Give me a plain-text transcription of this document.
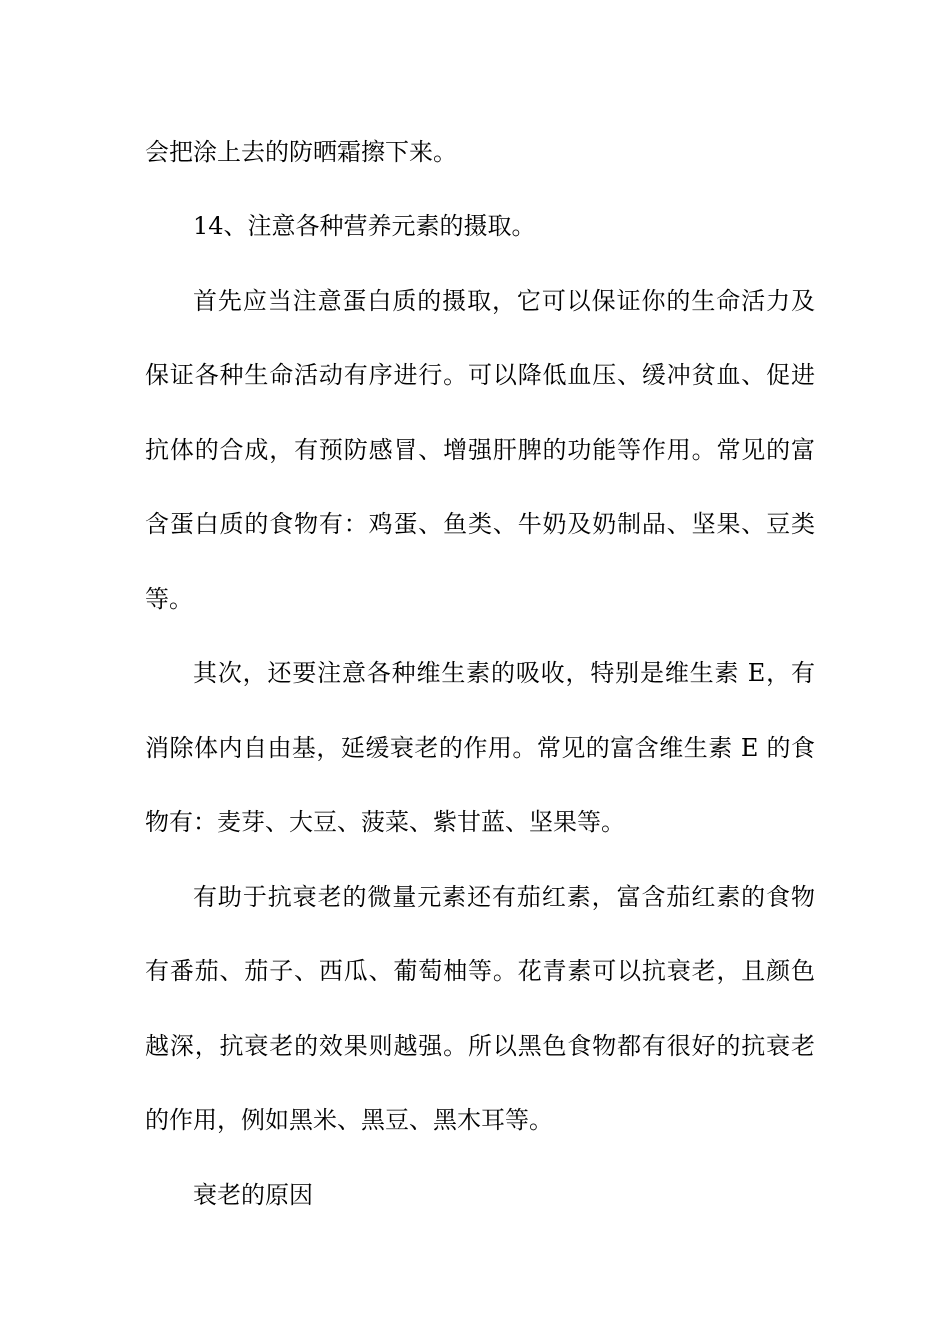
会把涂上去的防晒霜擦下来。
14、注意各种营养元素的摄取。
首先应当注意蛋白质的摄取，它可以保证你的生命活力及
保证各种生命活动有序进行。可以降低血压、缓冲贫血、促进
抗体的合成，有预防感冒、增强肝脾的功能等作用。常见的富
含蛋白质的食物有：鸡蛋、鱼类、牛奶及奶制品、坚果、豆类
等。
其次，还要注意各种维生素的吸收，特别是维生素 E，有
消除体内自由基，延缓衰老的作用。常见的富含维生素 E 的食
物有：麦芽、大豆、菠菜、紫甘蓝、坚果等。
有助于抗衰老的微量元素还有茄红素，富含茄红素的食物
有番茄、茄子、西瓜、葡萄柚等。花青素可以抗衰老，且颜色
越深，抗衰老的效果则越强。所以黑色食物都有很好的抗衰老
的作用，例如黑米、黑豆、黑木耳等。
衰老的原因
